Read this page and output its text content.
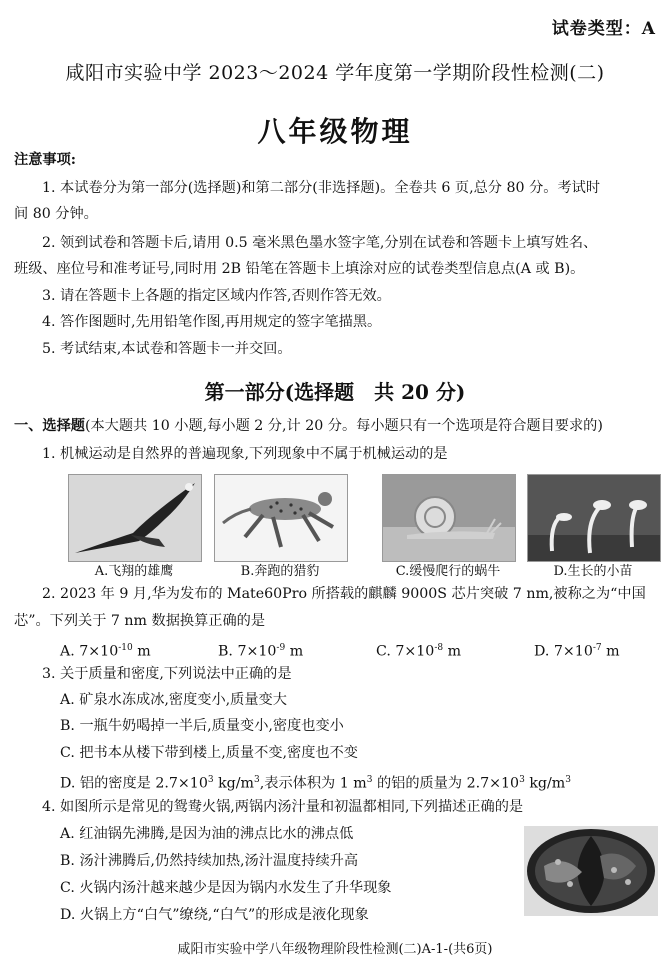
试卷类型：A
咸阳市实验中学 2023～2024 学年度第一学期阶段性检测(二)
八年级物理
注意事项:
1. 本试卷分为第一部分(选择题)和第二部分(非选择题)。全卷共 6 页,总分 80 分。考试时
间 80 分钟。
2. 领到试卷和答题卡后,请用 0.5 毫米黑色墨水签字笔,分别在试卷和答题卡上填写姓名、
班级、座位号和准考证号,同时用 2B 铅笔在答题卡上填涂对应的试卷类型信息点(A 或 B)。
3. 请在答题卡上各题的指定区域内作答,否则作答无效。
4. 答作图题时,先用铅笔作图,再用规定的签字笔描黑。
5. 考试结束,本试卷和答题卡一并交回。
第一部分(选择题　共 20 分)
一、选择题(本大题共 10 小题,每小题 2 分,计 20 分。每小题只有一个选项是符合题目要求的)
1. 机械运动是自然界的普遍现象,下列现象中不属于机械运动的是
A.飞翔的雄鹰	B.奔跑的猎豹	C.缓慢爬行的蜗牛	D.生长的小苗
2. 2023 年 9 月,华为发布的 Mate60Pro 所搭载的麒麟 9000S 芯片突破 7 nm,被称之为“中国
芯”。下列关于 7 nm 数据换算正确的是
A. $7\times 10^{-10}$ m	B. $7\times 10^{-9}$ m	C. $7\times 10^{-8}$ m	D. $7\times 10^{-7}$ m
3. 关于质量和密度,下列说法中正确的是
A. 矿泉水冻成冰,密度变小,质量变大
B. 一瓶牛奶喝掉一半后,质量变小,密度也变小
C. 把书本从楼下带到楼上,质量不变,密度也不变
D. 铝的密度是 $2.7\times 10^3$ $kg/m^3$,表示体积为 1 $m^3$ 的铝的质量为 $2.7\times 10^3$ $kg/m^3$
4. 如图所示是常见的鸳鸯火锅,两锅内汤汁量和初温都相同,下列描述正确的是
A. 红油锅先沸腾,是因为油的沸点比水的沸点低
B. 汤汁沸腾后,仍然持续加热,汤汁温度持续升高
C. 火锅内汤汁越来越少是因为锅内水发生了升华现象
D. 火锅上方“白气”缭绕,“白气”的形成是液化现象
咸阳市实验中学八年级物理阶段性检测(二)A-1-(共6页)
